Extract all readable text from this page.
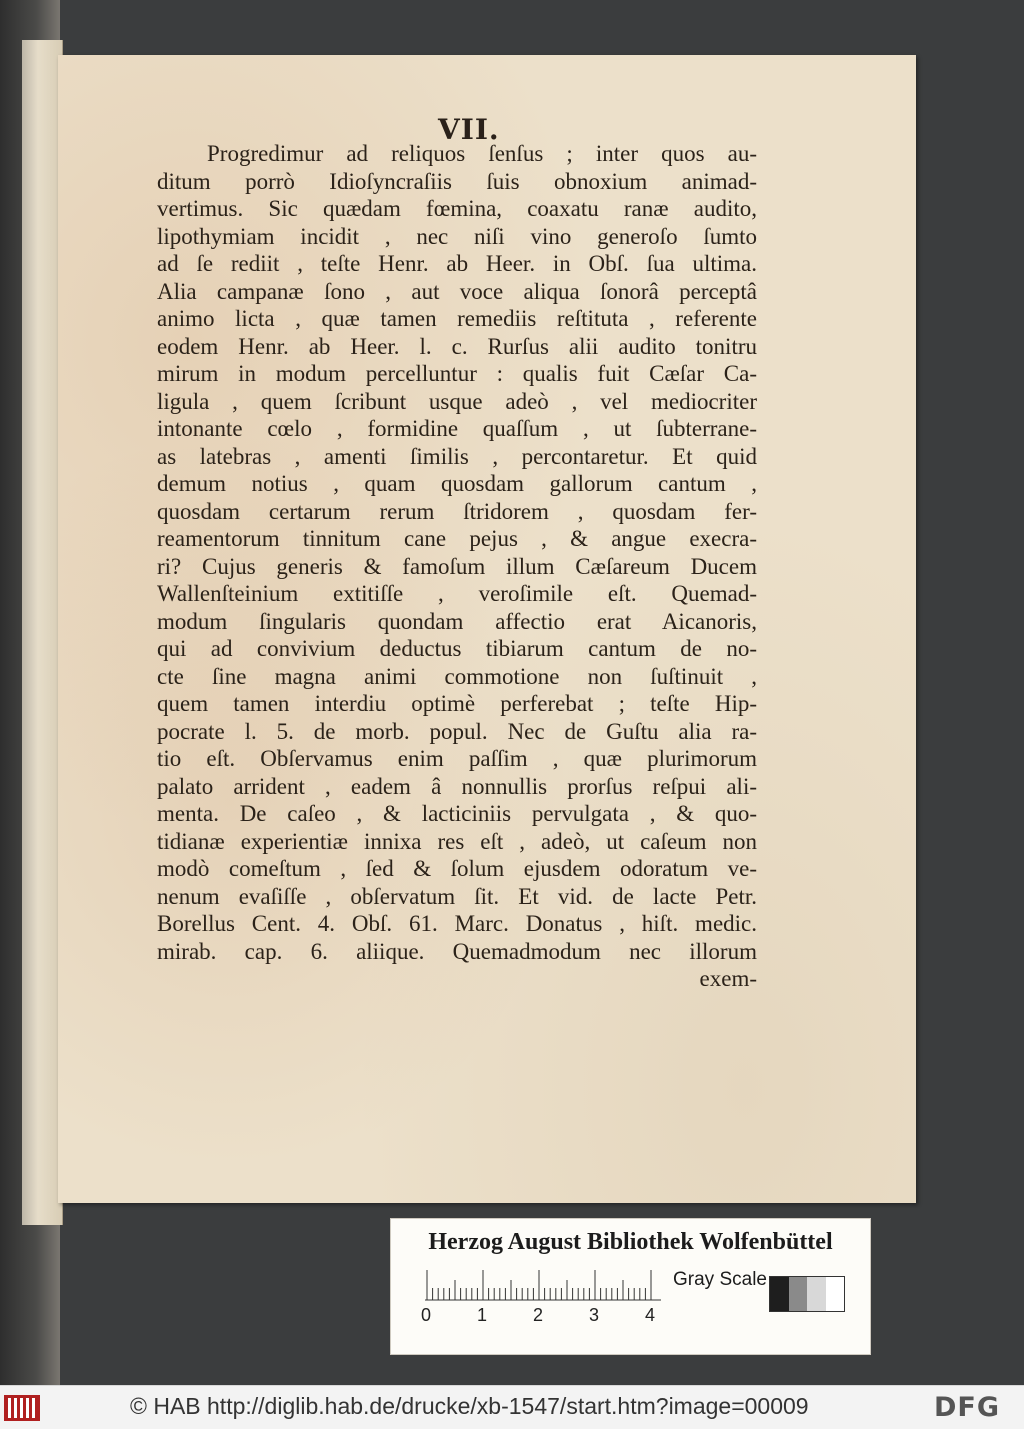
VII.
Progredimur ad reliquos ſenſus ; inter quos au-
ditum porrò Idioſyncraſiis ſuis obnoxium animad-
vertimus. Sic quædam fœmina, coaxatu ranæ audito,
lipothymiam incidit , nec niſi vino generoſo ſumto
ad ſe rediit , teſte Henr. ab Heer. in Obſ. ſua ultima.
Alia campanæ ſono , aut voce aliqua ſonorâ perceptâ
animo licta , quæ tamen remediis reſtituta , referente
eodem Henr. ab Heer. l. c. Rurſus alii audito tonitru
mirum in modum percelluntur : qualis fuit Cæſar Ca-
ligula , quem ſcribunt usque adeò , vel mediocriter
intonante cœlo , formidine quaſſum , ut ſubterrane-
as latebras , amenti ſimilis , percontaretur. Et quid
demum notius , quam quosdam gallorum cantum ,
quosdam certarum rerum ſtridorem , quosdam fer-
reamentorum tinnitum cane pejus , & angue execra-
ri? Cujus generis & famoſum illum Cæſareum Ducem
Wallenſteinium extitiſſe , veroſimile eſt. Quemad-
modum ſingularis quondam affectio erat Aicanoris,
qui ad convivium deductus tibiarum cantum de no-
cte ſine magna animi commotione non ſuſtinuit ,
quem tamen interdiu optimè perferebat ; teſte Hip-
pocrate l. 5. de morb. popul. Nec de Guſtu alia ra-
tio eſt. Obſervamus enim paſſim , quæ plurimorum
palato arrident , eadem â nonnullis prorſus reſpui ali-
menta. De caſeo , & lacticiniis pervulgata , & quo-
tidianæ experientiæ innixa res eſt , adeò, ut caſeum non
modò comeſtum , ſed & ſolum ejusdem odoratum ve-
nenum evaſiſſe , obſervatum ſit. Et vid. de lacte Petr.
Borellus Cent. 4. Obſ. 61. Marc. Donatus , hiſt. medic.
mirab. cap. 6. aliique. Quemadmodum nec illorum
exem-
Herzog August Bibliothek Wolfenbüttel
0	1	2	3	4
Gray Scale
© HAB http://diglib.hab.de/drucke/xb-1547/start.htm?image=00009	DFG
